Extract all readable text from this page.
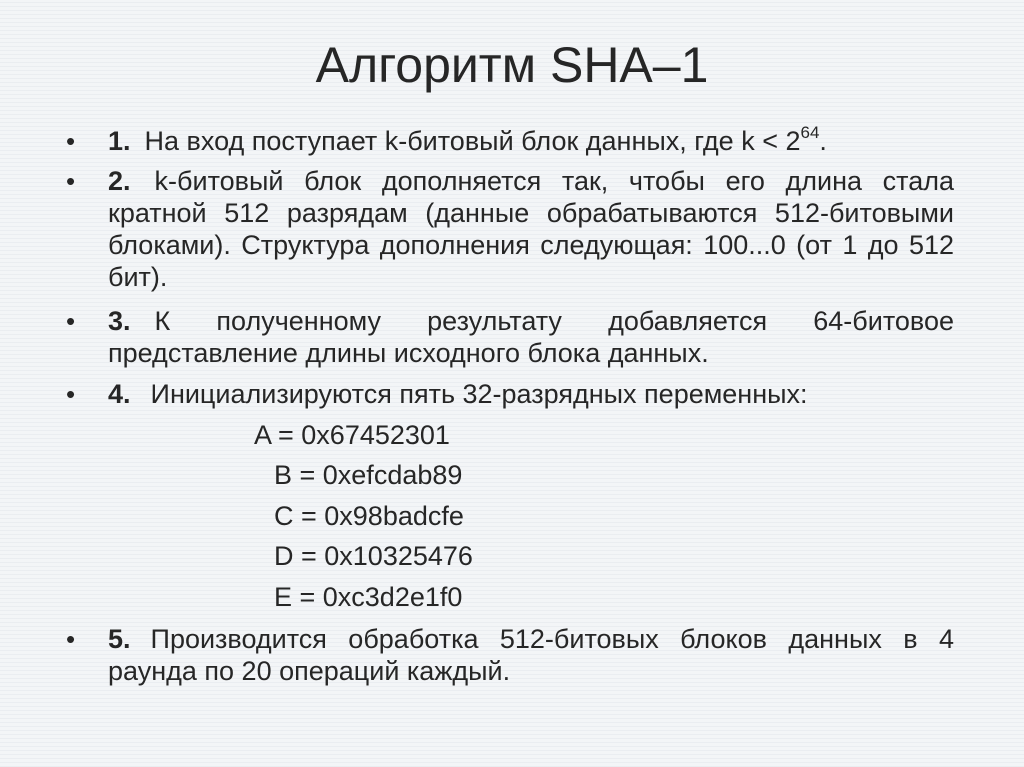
Алгоритм SHA–1
• 1. На вход поступает k-битовый блок данных, где $k < 2^{64}$.
• 2. k-битовый блок дополняется так, чтобы его длина стала кратной 512 разрядам (данные обрабатываются 512-битовыми блоками). Структура дополнения следующая: 100...0 (от 1 до 512 бит).
• 3. К полученному результату добавляется 64-битовое представление длины исходного блока данных.
• 4. Инициализируются пять 32-разрядных переменных:
A = 0x67452301
B = 0xefcdab89
C = 0x98badcfe
D = 0x10325476
E = 0xc3d2e1f0
• 5. Производится обработка 512-битовых блоков данных в 4 раунда по 20 операций каждый.
